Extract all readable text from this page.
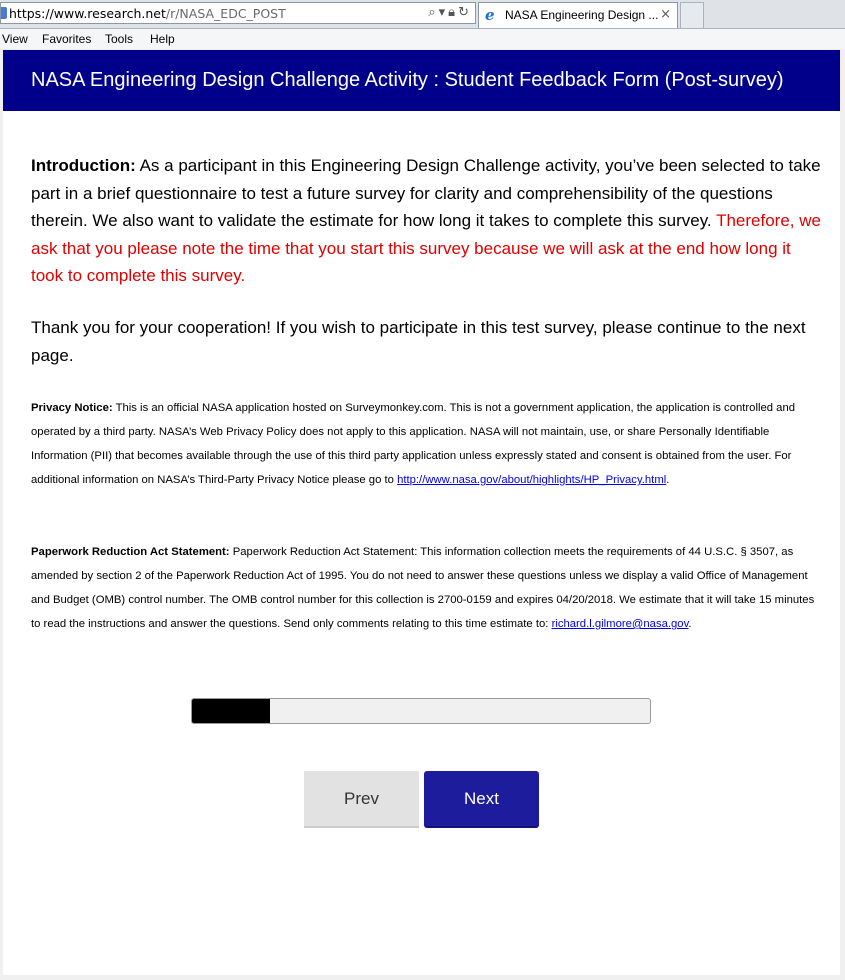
https://www.research.net/r/NASA_EDC_POST	⌕ ▾ 🔒︎ ↻ e NASA Engineering Design ... ×
View Favorites Tools Help
NASA Engineering Design Challenge Activity : Student Feedback Form (Post-survey)
Introduction: As a participant in this Engineering Design Challenge activity, you’ve been selected to take part in a brief questionnaire to test a future survey for clarity and comprehensibility of the questions therein. We also want to validate the estimate for how long it takes to complete this survey. Therefore, we ask that you please note the time that you start this survey because we will ask at the end how long it took to complete this survey.
Thank you for your cooperation! If you wish to participate in this test survey, please continue to the next page.
Privacy Notice: This is an official NASA application hosted on Surveymonkey.com. This is not a government application, the application is controlled and operated by a third party. NASA’s Web Privacy Policy does not apply to this application. NASA will not maintain, use, or share Personally Identifiable Information (PII) that becomes available through the use of this third party application unless expressly stated and consent is obtained from the user. For additional information on NASA’s Third-Party Privacy Notice please go to http://www.nasa.gov/about/highlights/HP_Privacy.html.
Paperwork Reduction Act Statement: Paperwork Reduction Act Statement: This information collection meets the requirements of 44 U.S.C. § 3507, as amended by section 2 of the Paperwork Reduction Act of 1995. You do not need to answer these questions unless we display a valid Office of Management and Budget (OMB) control number. The OMB control number for this collection is 2700-0159 and expires 04/20/2018. We estimate that it will take 15 minutes to read the instructions and answer the questions. Send only comments relating to this time estimate to: richard.l.gilmore@nasa.gov.
Prev	Next
